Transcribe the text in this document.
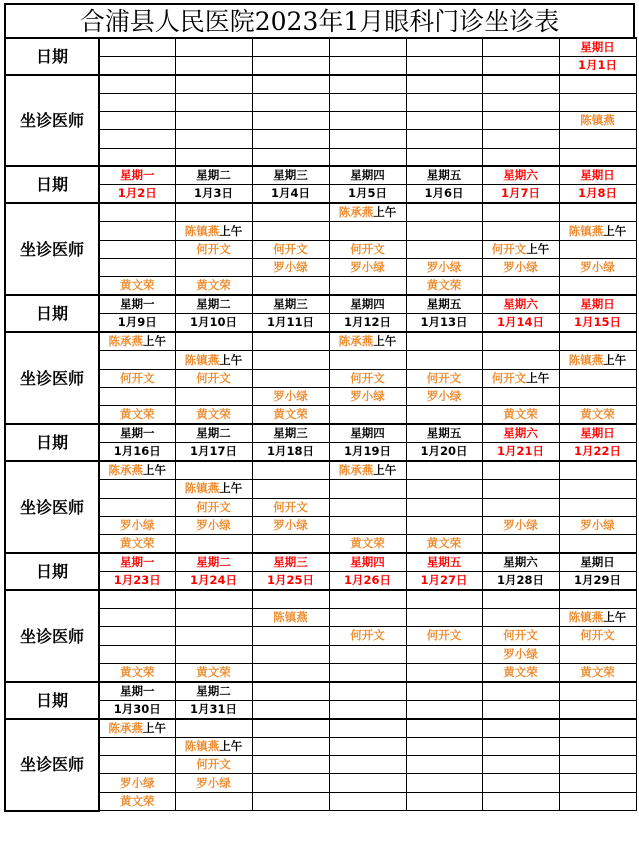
合浦县人民医院2023年1月眼科门诊坐诊表
日期							星期日
							1月1日
坐诊医师							

							陈镇燕

日期	星期一	星期二	星期三	星期四	星期五	星期六	星期日
	1月2日	1月3日	1月4日	1月5日	1月6日	1月7日	1月8日
坐诊医师				陈承燕上午			
		陈镇燕上午					陈镇燕上午
		何开文	何开文	何开文		何开文上午	
			罗小绿	罗小绿	罗小绿	罗小绿	罗小绿
	黄文荣	黄文荣			黄文荣		
日期	星期一	星期二	星期三	星期四	星期五	星期六	星期日
	1月9日	1月10日	1月11日	1月12日	1月13日	1月14日	1月15日
坐诊医师	陈承燕上午			陈承燕上午			
		陈镇燕上午					陈镇燕上午
	何开文	何开文		何开文	何开文	何开文上午	
			罗小绿	罗小绿	罗小绿		
	黄文荣	黄文荣	黄文荣			黄文荣	黄文荣
日期	星期一	星期二	星期三	星期四	星期五	星期六	星期日
	1月16日	1月17日	1月18日	1月19日	1月20日	1月21日	1月22日
坐诊医师	陈承燕上午			陈承燕上午			
		陈镇燕上午					
		何开文	何开文				
	罗小绿	罗小绿	罗小绿			罗小绿	罗小绿
	黄文荣			黄文荣	黄文荣		
日期	星期一	星期二	星期三	星期四	星期五	星期六	星期日
	1月23日	1月24日	1月25日	1月26日	1月27日	1月28日	1月29日
坐诊医师							
			陈镇燕				陈镇燕上午
				何开文	何开文	何开文	何开文
						罗小绿	
	黄文荣	黄文荣				黄文荣	黄文荣
日期	星期一	星期二					
	1月30日	1月31日					
坐诊医师	陈承燕上午						
		陈镇燕上午					
		何开文					
	罗小绿	罗小绿					
	黄文荣						
